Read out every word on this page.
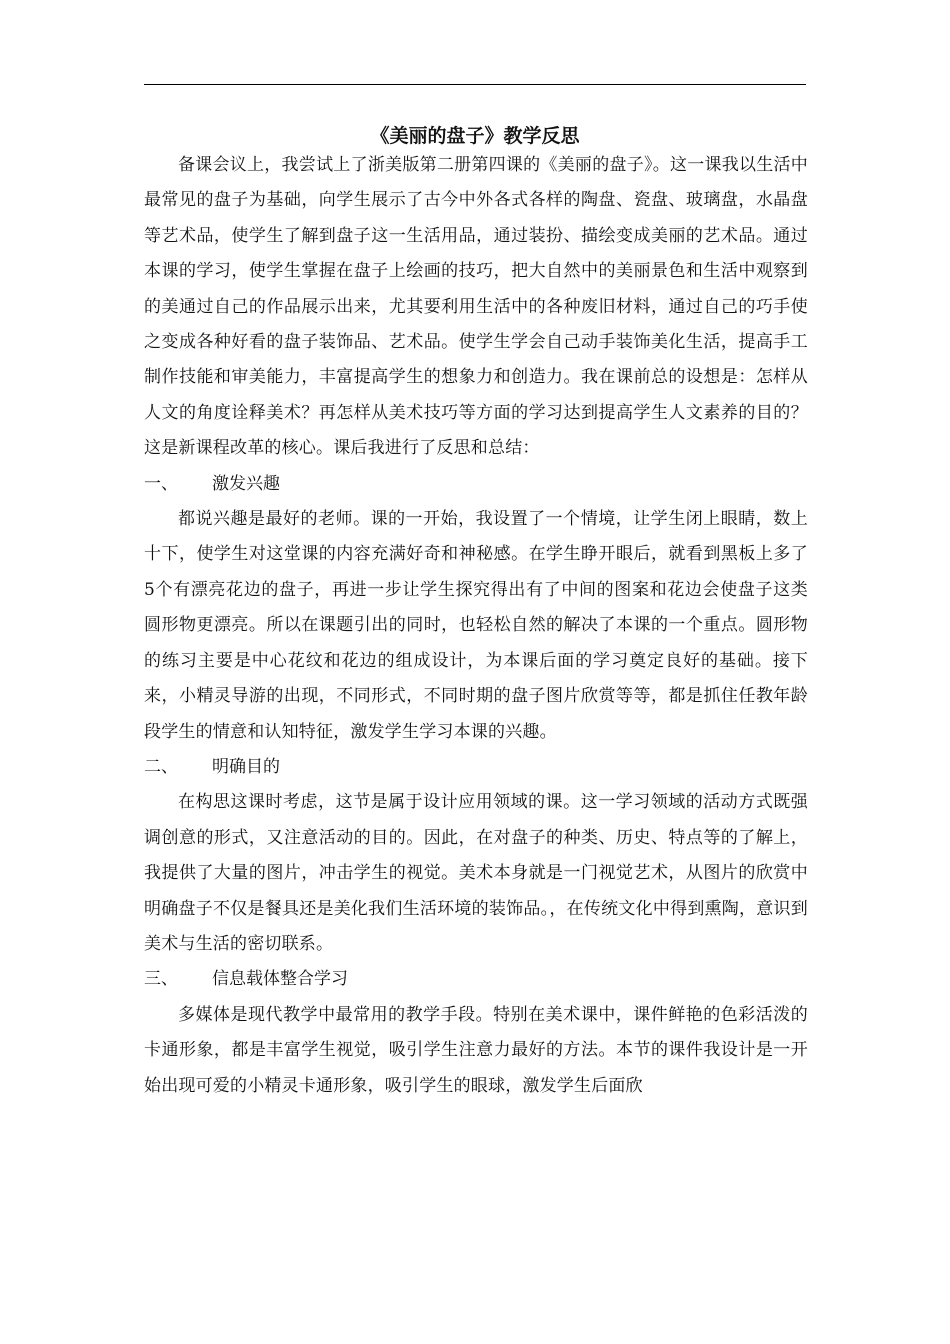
《美丽的盘子》教学反思

备课会议上，我尝试上了浙美版第二册第四课的《美丽的盘子》。这一课我以生活中最常见的盘子为基础，向学生展示了古今中外各式各样的陶盘、瓷盘、玻璃盘，水晶盘等艺术品，使学生了解到盘子这一生活用品，通过装扮、描绘变成美丽的艺术品。通过本课的学习，使学生掌握在盘子上绘画的技巧，把大自然中的美丽景色和生活中观察到的美通过自己的作品展示出来，尤其要利用生活中的各种废旧材料，通过自己的巧手使之变成各种好看的盘子装饰品、艺术品。使学生学会自己动手装饰美化生活，提高手工制作技能和审美能力，丰富提高学生的想象力和创造力。我在课前总的设想是：怎样从人文的角度诠释美术？再怎样从美术技巧等方面的学习达到提高学生人文素养的目的？这是新课程改革的核心。课后我进行了反思和总结：

一、	激发兴趣

都说兴趣是最好的老师。课的一开始，我设置了一个情境，让学生闭上眼睛，数上十下，使学生对这堂课的内容充满好奇和神秘感。在学生睁开眼后，就看到黑板上多了5个有漂亮花边的盘子，再进一步让学生探究得出有了中间的图案和花边会使盘子这类圆形物更漂亮。所以在课题引出的同时，也轻松自然的解决了本课的一个重点。圆形物的练习主要是中心花纹和花边的组成设计，为本课后面的学习奠定良好的基础。接下来，小精灵导游的出现，不同形式，不同时期的盘子图片欣赏等等，都是抓住任教年龄段学生的情意和认知特征，激发学生学习本课的兴趣。

二、	明确目的

在构思这课时考虑，这节是属于设计应用领域的课。这一学习领域的活动方式既强调创意的形式，又注意活动的目的。因此，在对盘子的种类、历史、特点等的了解上，我提供了大量的图片，冲击学生的视觉。美术本身就是一门视觉艺术，从图片的欣赏中明确盘子不仅是餐具还是美化我们生活环境的装饰品。，在传统文化中得到熏陶，意识到美术与生活的密切联系。

三、	信息载体整合学习

多媒体是现代教学中最常用的教学手段。特别在美术课中，课件鲜艳的色彩活泼的卡通形象，都是丰富学生视觉，吸引学生注意力最好的方法。本节的课件我设计是一开始出现可爱的小精灵卡通形象，吸引学生的眼球，激发学生后面欣
